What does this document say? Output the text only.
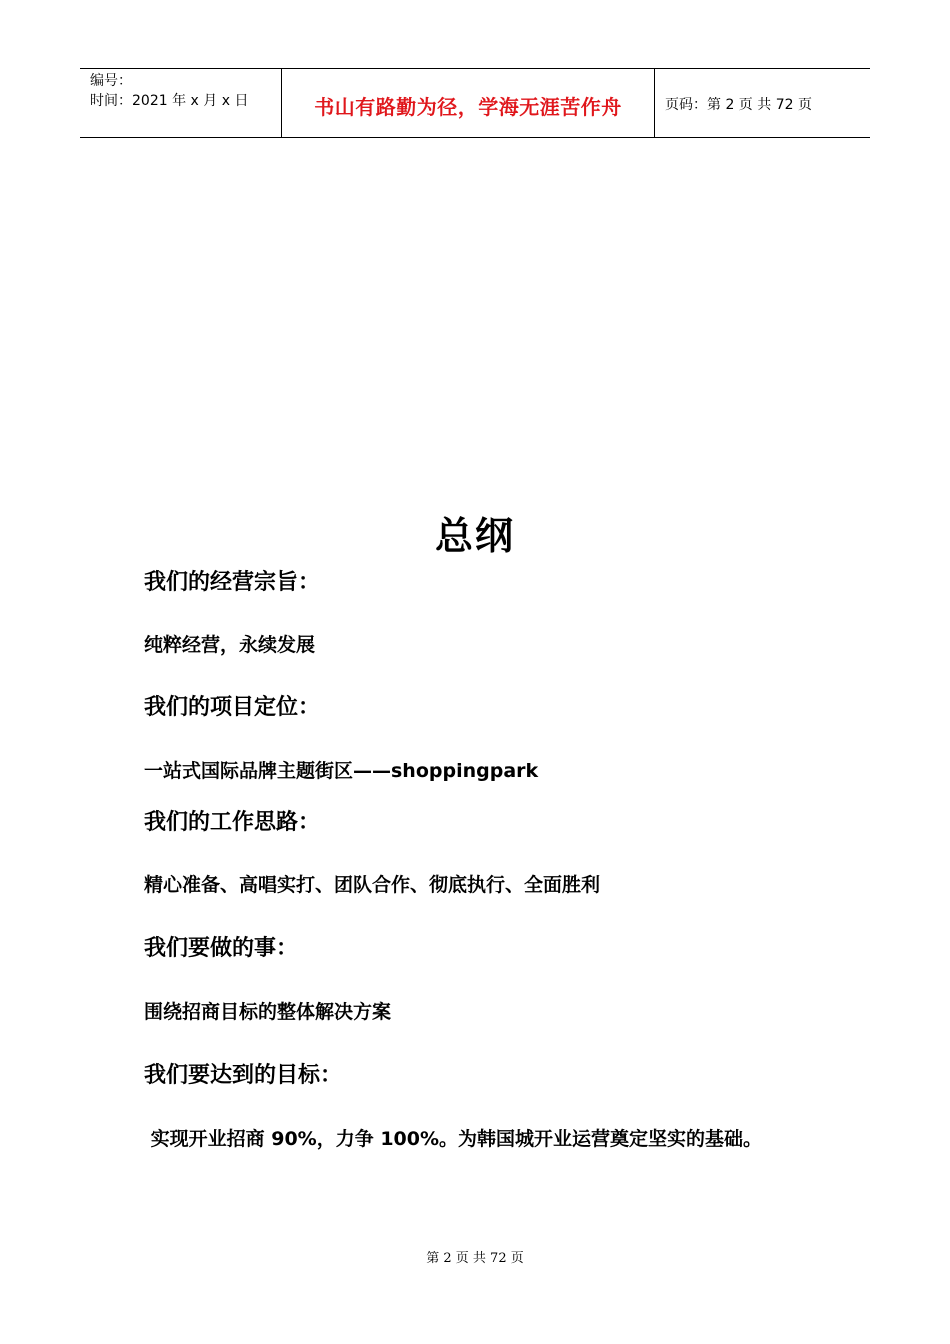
编号：
时间：2021 年 x 月 x 日	书山有路勤为径，学海无涯苦作舟	页码：第 2 页 共 72 页
总纲
我们的经营宗旨：
纯粹经营，永续发展
我们的项目定位：
一站式国际品牌主题街区——shoppingpark
我们的工作思路：
精心准备、高唱实打、团队合作、彻底执行、全面胜利
我们要做的事：
围绕招商目标的整体解决方案
我们要达到的目标：
实现开业招商 90%，力争 100%。为韩国城开业运营奠定坚实的基础。
第 2 页 共 72 页
